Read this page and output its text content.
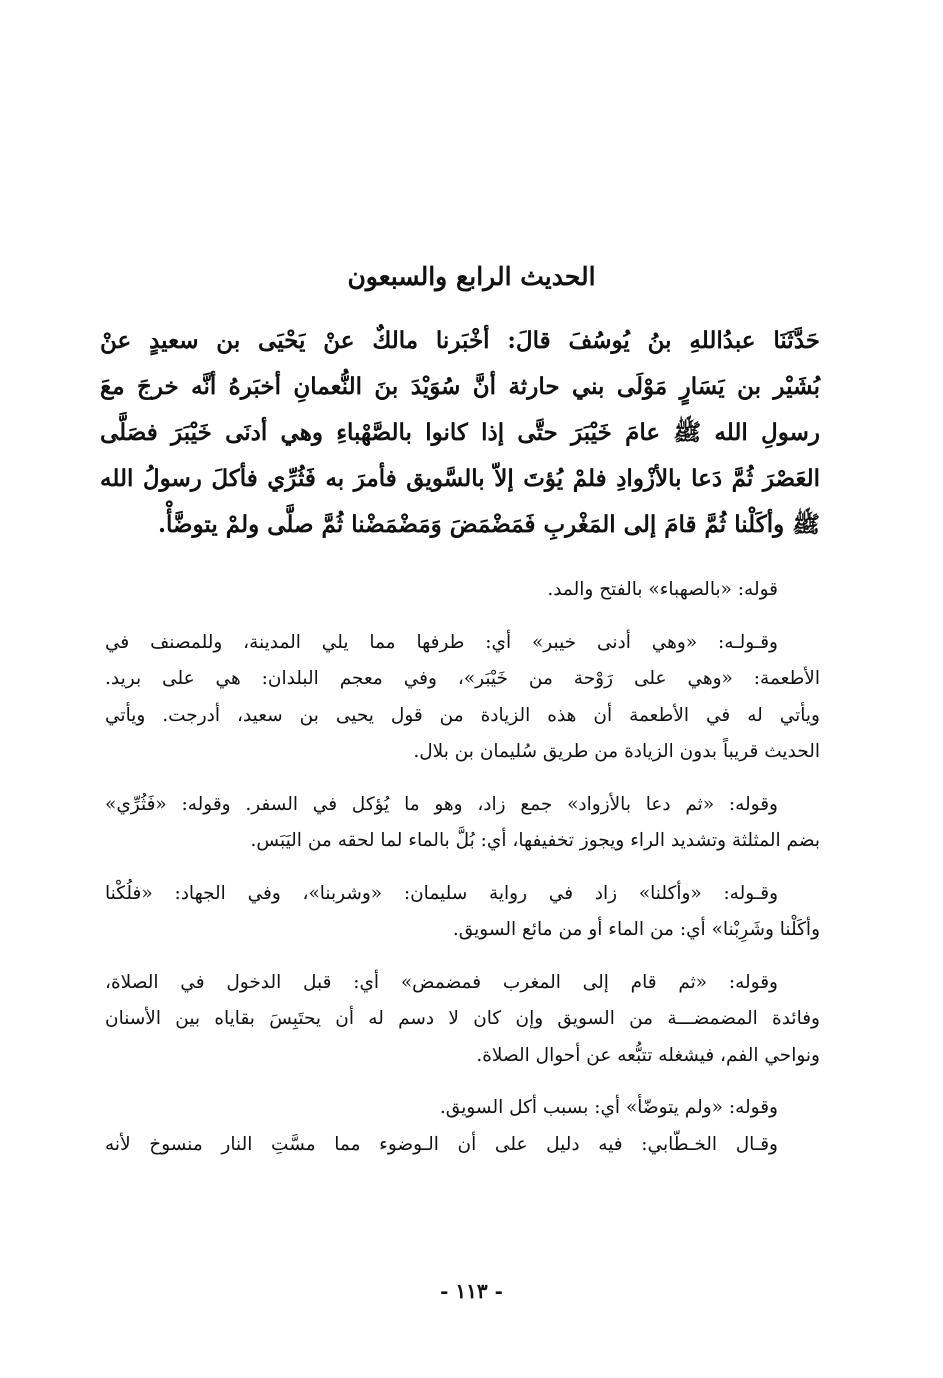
الحديث الرابع والسبعون
حَدَّثَنَا عبدُاللهِ بنُ يُوسُفَ قالَ: أخْبَرنا مالكٌ عنْ يَحْيَى بن سعيدٍ عنْ
بُشَيْر بن يَسَارٍ مَوْلَى بني حارثة أنَّ سُوَيْدَ بنَ النُّعمانِ أخبَرهُ أنَّه خرجَ معَ
رسولِ الله ﷺ عامَ خَيْبَرَ حتَّى إذا كانوا بالصَّهْباءِ وهي أدنَى خَيْبَرَ فصَلَّى
العَصْرَ ثُمَّ دَعا بالأزْوادِ فلمْ يُؤتَ إلاّ بالسَّويق فأمرَ به فَثُرِّي فأكلَ رسولُ الله
ﷺ وأكَلْنا ثُمَّ قامَ إلى المَغْربِ فَمَضْمَضَ وَمَضْمَضْنا ثُمَّ صلَّى ولمْ يتوضَّأْ.
قوله: «بالصهباء» بالفتح والمد.
وقـولـه: «وهي أدنى خيبر» أي: طرفها مما يلي المدينة، وللمصنف في
الأطعمة: «وهي على رَوْحة من خَيْبَر»، وفي معجم البلدان: هي على بريد.
ويأتي له في الأطعمة أن هذه الزيادة من قول يحيى بن سعيد، أدرجت. ويأتي
الحديث قريباً بدون الزيادة من طريق سُليمان بن بلال.
وقوله: «ثم دعا بالأزواد» جمع زاد، وهو ما يُؤكل في السفر. وقوله: «فَثُرِّي»
بضم المثلثة وتشديد الراء ويجوز تخفيفها، أي: بُلَّ بالماء لما لحقه من اليَبَس.
وقـوله: «وأكلنا» زاد في رواية سليمان: «وشربنا»، وفي الجهاد: «فلُكْنا
وأكَلْنا وشَرِبْنا» أي: من الماء أو من مائع السويق.
وقوله: «ثم قام إلى المغرب فمضمض» أي: قبل الدخول في الصلاة،
وفائدة المضمضـــة من السويق وإن كان لا دسم له أن يحتَبِسَ بقاياه بين الأسنان
ونواحي الفم، فيشغله تتبُّعه عن أحوال الصلاة.
وقوله: «ولم يتوضّأ» أي: بسبب أكل السويق.
وقـال الخـطّابي: فيه دليل على أن الـوضوء مما مسَّتِ النار منسوخ لأنه
- ١١٣ -
